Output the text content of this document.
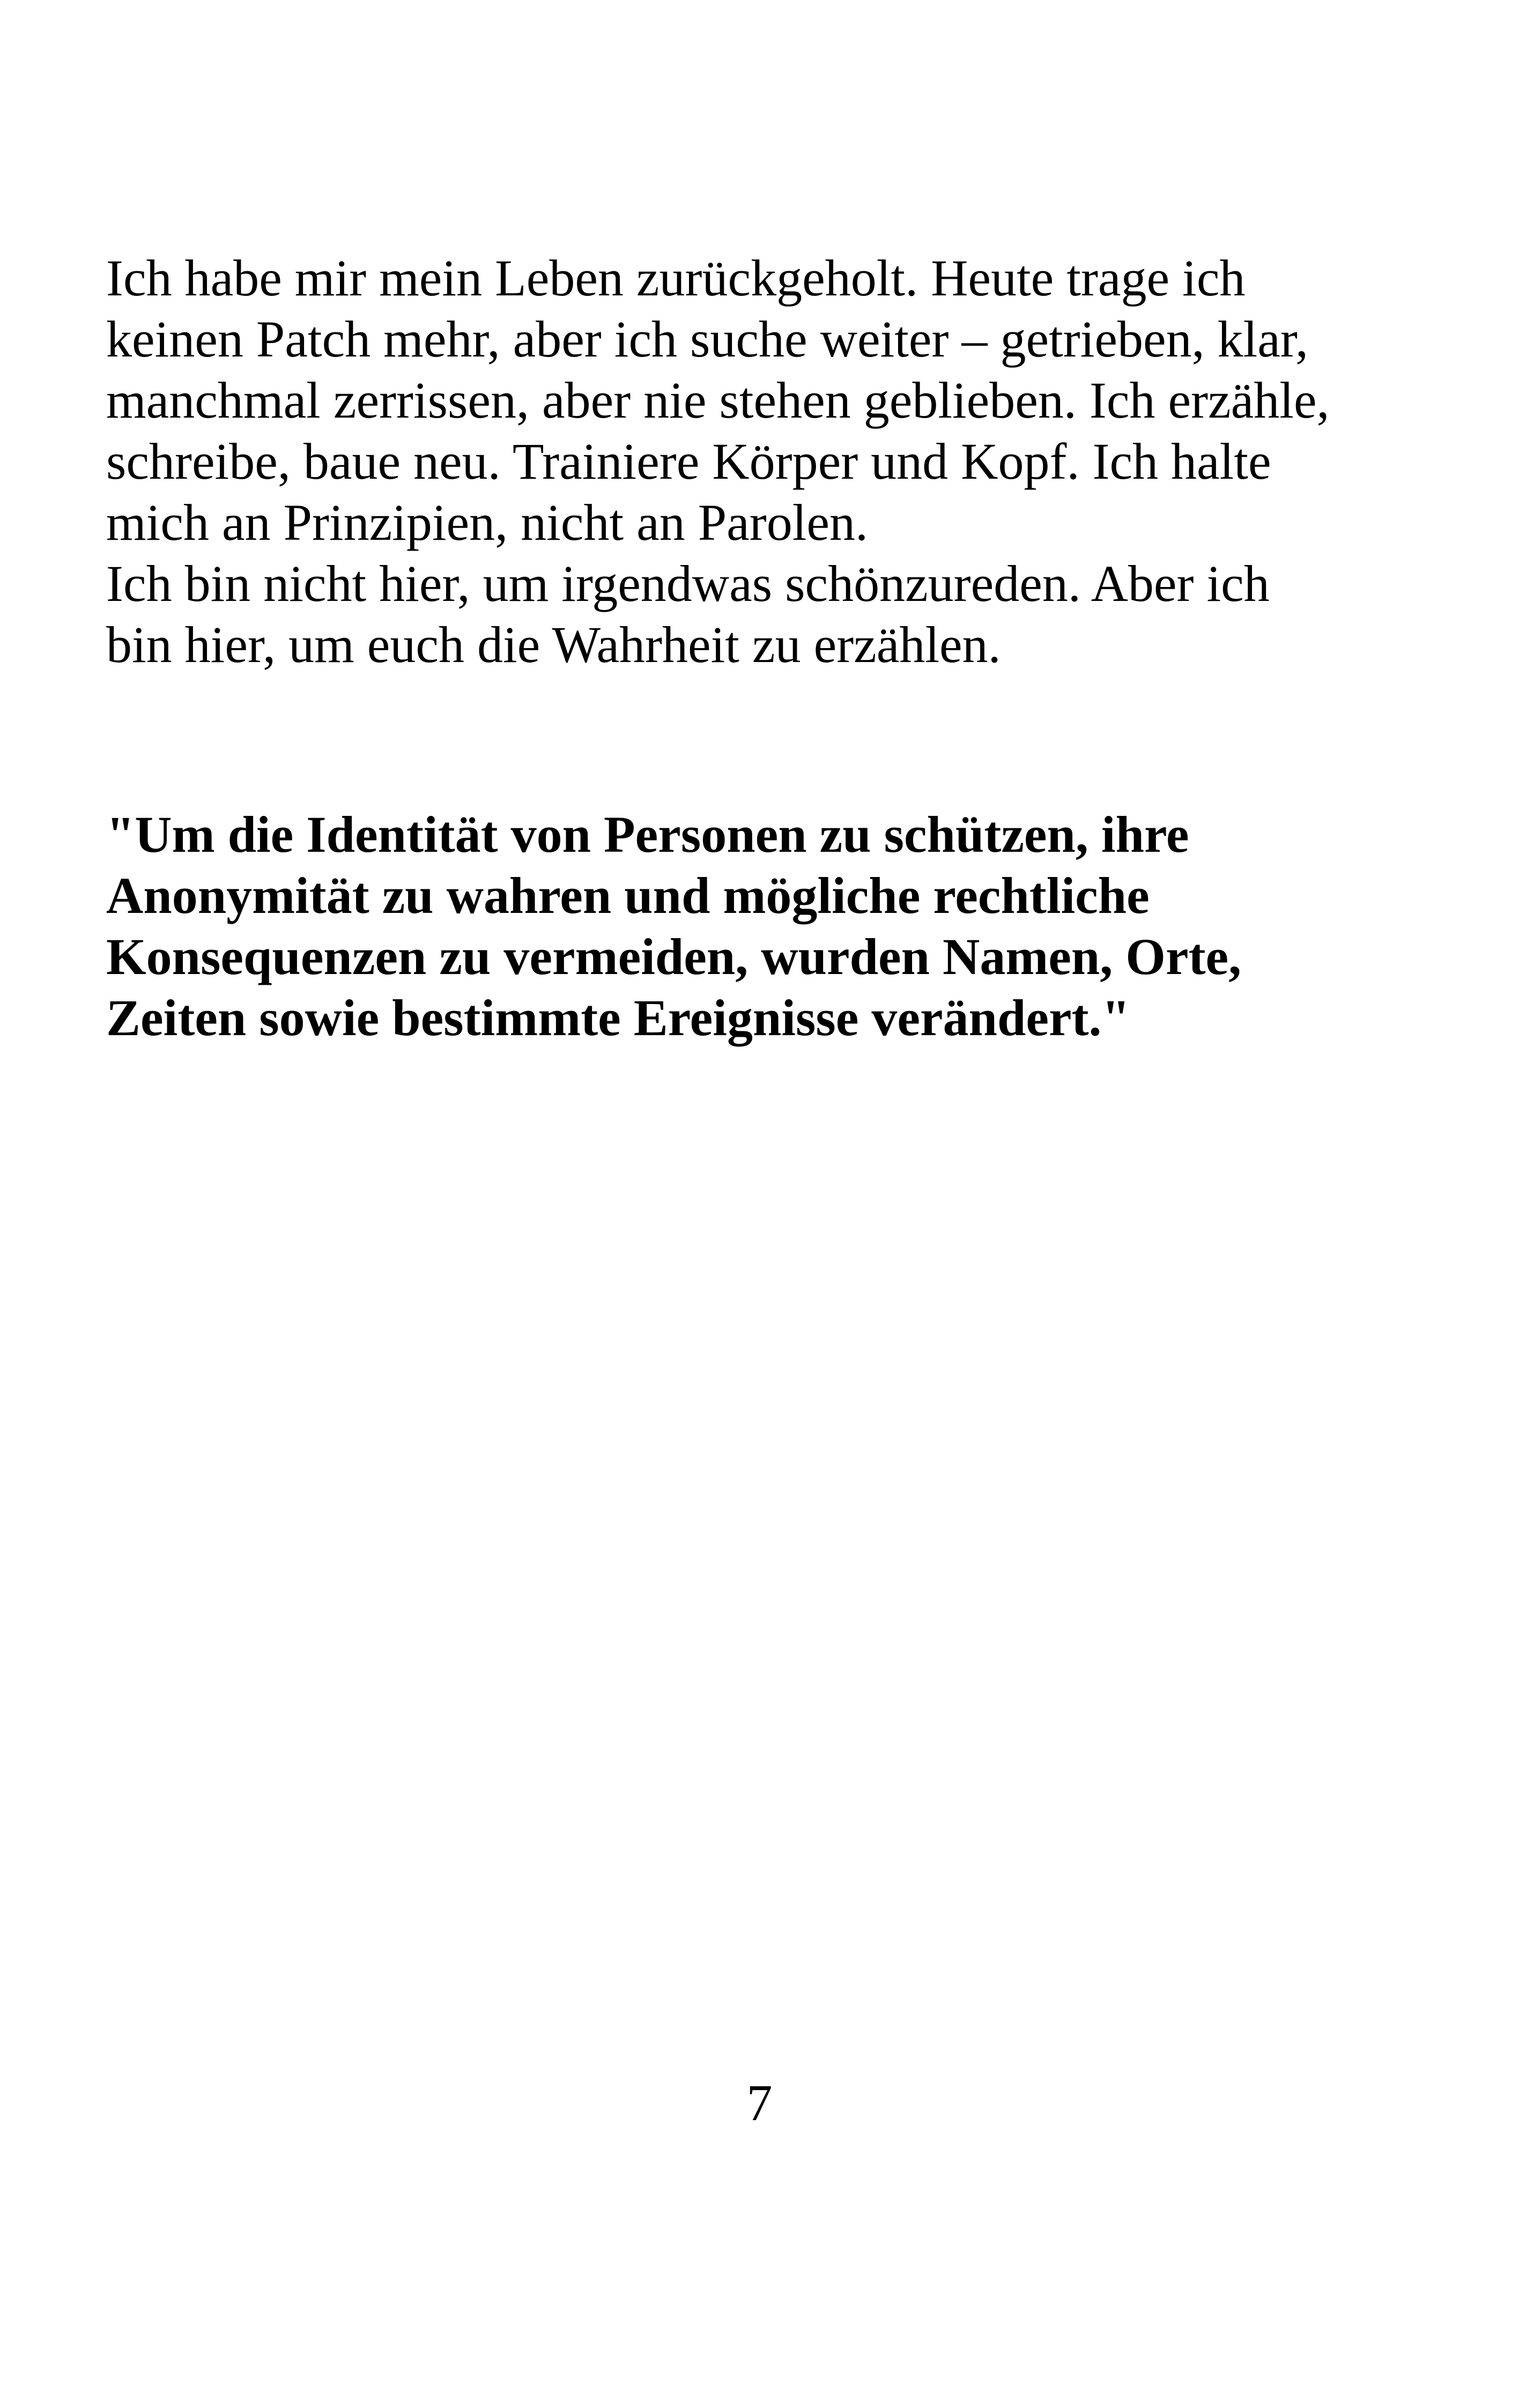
Ich habe mir mein Leben zurückgeholt. Heute trage ich
keinen Patch mehr, aber ich suche weiter – getrieben, klar,
manchmal zerrissen, aber nie stehen geblieben. Ich erzähle,
schreibe, baue neu. Trainiere Körper und Kopf. Ich halte
mich an Prinzipien, nicht an Parolen.
Ich bin nicht hier, um irgendwas schönzureden. Aber ich
bin hier, um euch die Wahrheit zu erzählen.
"Um die Identität von Personen zu schützen, ihre
Anonymität zu wahren und mögliche rechtliche
Konsequenzen zu vermeiden, wurden Namen, Orte,
Zeiten sowie bestimmte Ereignisse verändert."
7
